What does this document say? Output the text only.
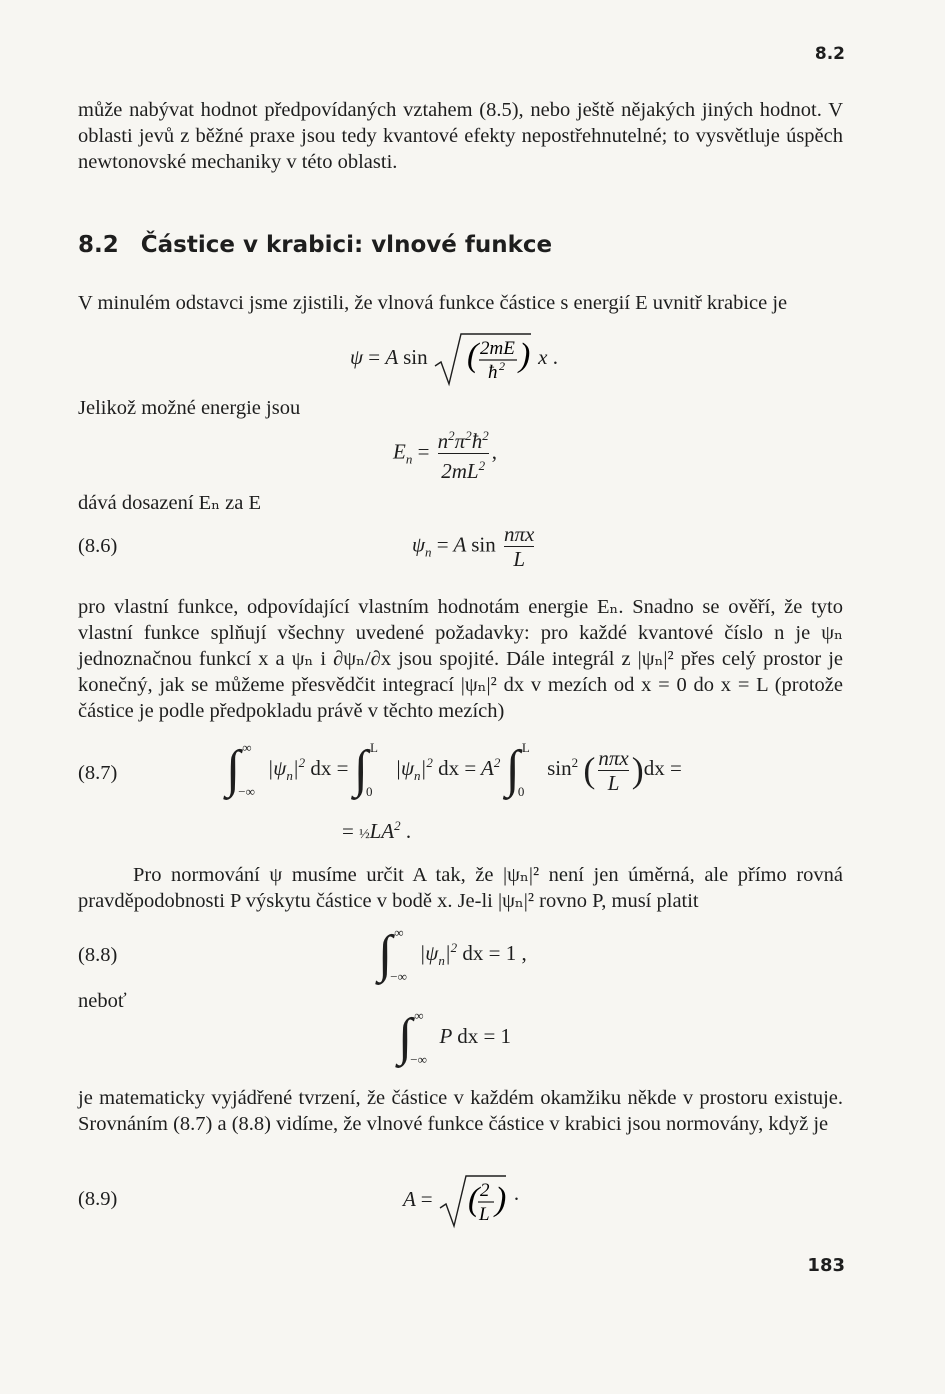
8.2
může nabývat hodnot předpovídaných vztahem (8.5), nebo ještě nějakých jiných hodnot. V oblasti jevů z běžné praxe jsou tedy kvantové efekty nepostřehnutelné; to vysvětluje úspěch newtonovské mechaniky v této oblasti.
8.2 Částice v krabici: vlnové funkce
V minulém odstavci jsme zjistili, že vlnová funkce částice s energií E uvnitř krabice je
ψ = A sin ( 2mE
ħ 2 ) x .
Jelikož možné energie jsou
$E_n = \frac{n^2\pi^2ħ^2}{2mL^2}$ ,
dává dosazení Eₙ za E
(8.6)	$\psi_n = A$ $\sin \frac{\text{nπx}}{L}$
pro vlastní funkce, odpovídající vlastním hodnotám energie Eₙ. Snadno se ověří, že tyto vlastní funkce splňují všechny uvedené požadavky: pro každé kvantové číslo n je ψₙ jednoznačnou funkcí x a ψₙ i ∂ψₙ/∂x jsou spojité. Dále integrál z |ψₙ|² přes celý prostor je konečný, jak se můžeme přesvědčit integrací |ψₙ|² dx v mezích od x = 0 do x = L (protože částice je podle předpokladu právě v těchto mezích)
(8.7) ∫ ∞
−∞
$|\psi_n|^2$ dx = ∫ L
0
$|\psi_n|^2$ dx = $A^2$ ∫ L
0
$\sin^2$ ( $\frac{\text{nπx}}{L} )dx$ =
= $\frac{1}{2}LA^2$ .
Pro normování ψ musíme určit A tak, že |ψₙ|² není jen úměrná, ale přímo rovná pravděpodobnosti P výskytu částice v bodě x. Je-li |ψₙ|² rovno P, musí platit
(8.8)	∫ ∞
−∞
$|\psi_n|^2$ dx = 1 ,
neboť
∫ ∞
−∞
P dx = 1
je matematicky vyjádřené tvrzení, že částice v každém okamžiku někde v prostoru existuje. Srovnáním (8.7) a (8.8) vidíme, že vlnové funkce částice v krabici jsou normovány, když je
(8.9)	A = ( 2
L ) ·
183
